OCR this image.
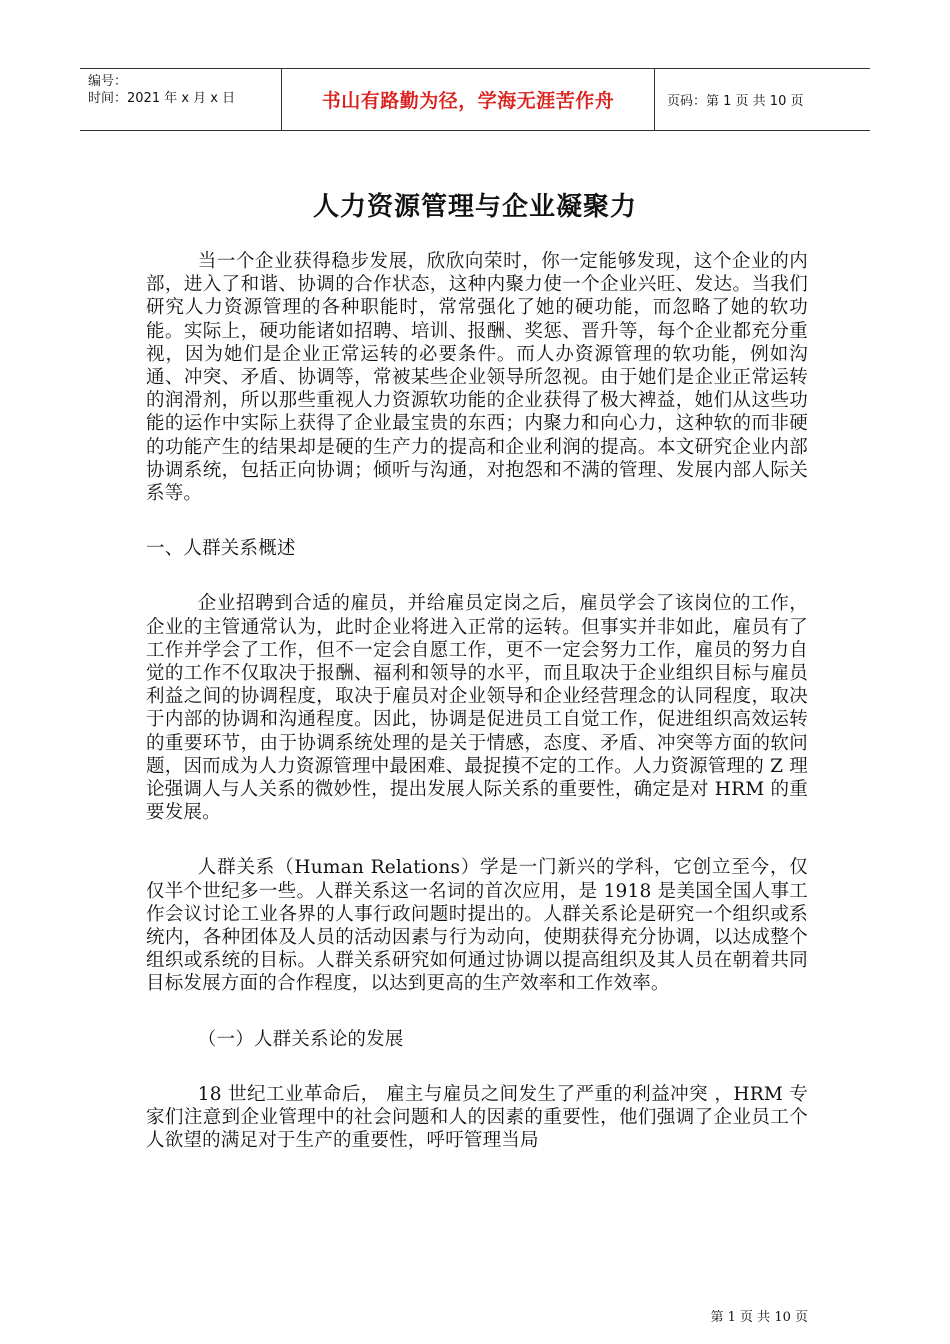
编号：
时间：2021 年 x 月 x 日	书山有路勤为径，学海无涯苦作舟	页码：第 1 页 共 10 页
人力资源管理与企业凝聚力

当一个企业获得稳步发展，欣欣向荣时，你一定能够发现，这个企业的内部，进入了和谐、协调的合作状态，这种内聚力使一个企业兴旺、发达。当我们研究人力资源管理的各种职能时，常常强化了她的硬功能，而忽略了她的软功能。实际上，硬功能诸如招聘、培训、报酬、奖惩、晋升等，每个企业都充分重视，因为她们是企业正常运转的必要条件。而人办资源管理的软功能，例如沟通、冲突、矛盾、协调等，常被某些企业领导所忽视。由于她们是企业正常运转的润滑剂，所以那些重视人力资源软功能的企业获得了极大裨益，她们从这些功能的运作中实际上获得了企业最宝贵的东西；内聚力和向心力，这种软的而非硬的功能产生的结果却是硬的生产力的提高和企业利润的提高。本文研究企业内部协调系统，包括正向协调；倾听与沟通，对抱怨和不满的管理、发展内部人际关系等。

一、人群关系概述

企业招聘到合适的雇员，并给雇员定岗之后，雇员学会了该岗位的工作，企业的主管通常认为，此时企业将进入正常的运转。但事实并非如此，雇员有了工作并学会了工作，但不一定会自愿工作，更不一定会努力工作，雇员的努力自觉的工作不仅取决于报酬、福利和领导的水平，而且取决于企业组织目标与雇员利益之间的协调程度，取决于雇员对企业领导和企业经营理念的认同程度，取决于内部的协调和沟通程度。因此，协调是促进员工自觉工作，促进组织高效运转的重要环节，由于协调系统处理的是关于情感，态度、矛盾、冲突等方面的软问题，因而成为人力资源管理中最困难、最捉摸不定的工作。人力资源管理的 Z 理论强调人与人关系的微妙性，提出发展人际关系的重要性，确定是对 HRM 的重要发展。

人群关系（Human Relations）学是一门新兴的学科，它创立至今，仅仅半个世纪多一些。人群关系这一名词的首次应用，是 1918 是美国全国人事工作会议讨论工业各界的人事行政问题时提出的。人群关系论是研究一个组织或系统内，各种团体及人员的活动因素与行为动向，使期获得充分协调，以达成整个组织或系统的目标。人群关系研究如何通过协调以提高组织及其人员在朝着共同目标发展方面的合作程度，以达到更高的生产效率和工作效率。

（一）人群关系论的发展

18 世纪工业革命后， 雇主与雇员之间发生了严重的利益冲突 ，HRM 专家们注意到企业管理中的社会问题和人的因素的重要性，他们强调了企业员工个人欲望的满足对于生产的重要性，呼吁管理当局

第 1 页 共 10 页
